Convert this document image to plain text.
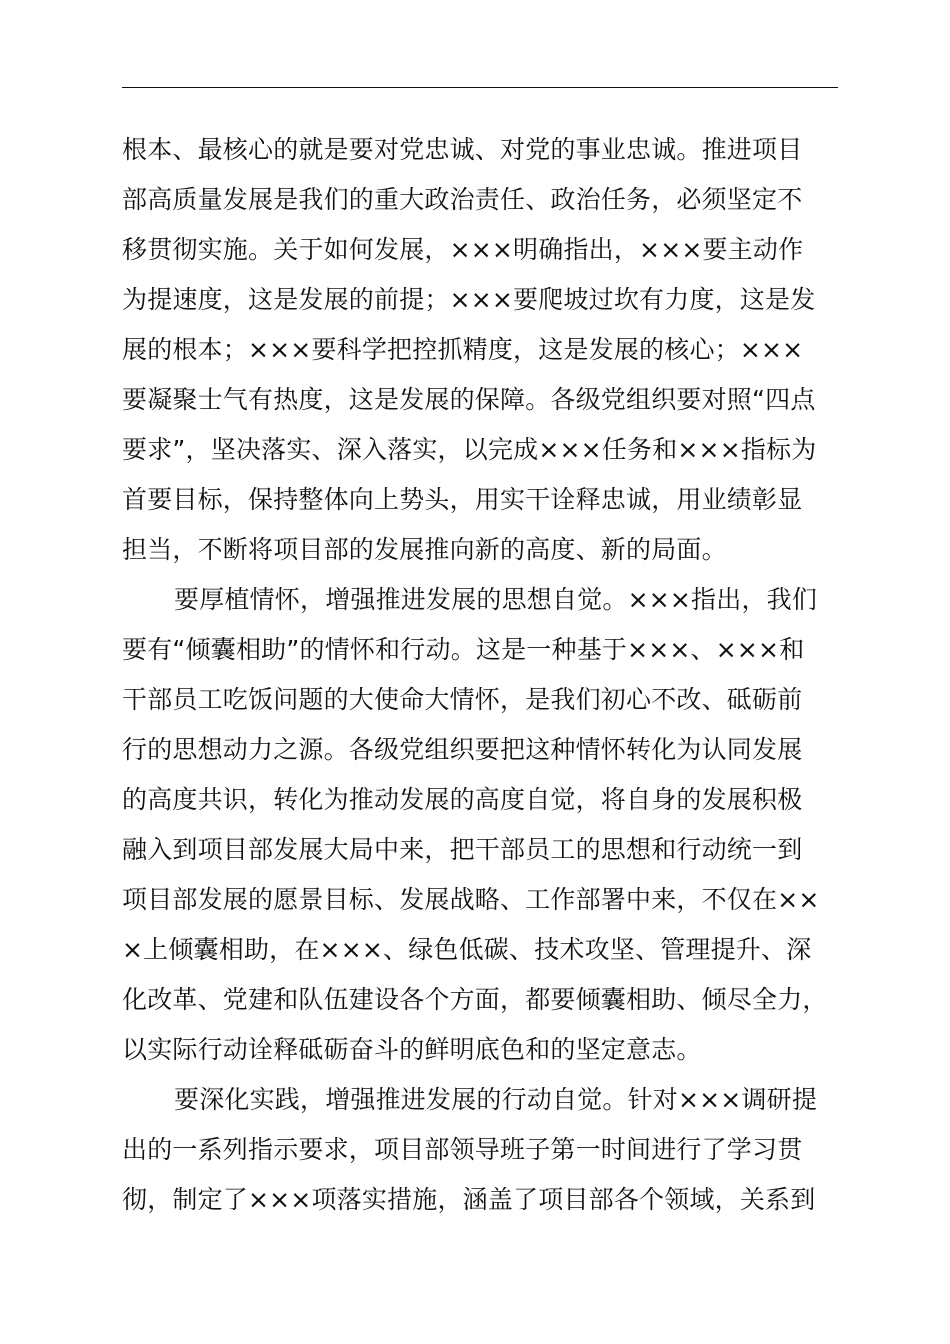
根本、最核心的就是要对党忠诚、对党的事业忠诚。推进项目
部高质量发展是我们的重大政治责任、政治任务，必须坚定不
移贯彻实施。关于如何发展，×××明确指出，×××要主动作
为提速度，这是发展的前提；×××要爬坡过坎有力度，这是发
展的根本；×××要科学把控抓精度，这是发展的核心；×××
要凝聚士气有热度，这是发展的保障。各级党组织要对照“四点
要求”，坚决落实、深入落实，以完成×××任务和×××指标为
首要目标，保持整体向上势头，用实干诠释忠诚，用业绩彰显
担当，不断将项目部的发展推向新的高度、新的局面。
要厚植情怀，增强推进发展的思想自觉。×××指出，我们
要有“倾囊相助”的情怀和行动。这是一种基于×××、×××和
干部员工吃饭问题的大使命大情怀，是我们初心不改、砥砺前
行的思想动力之源。各级党组织要把这种情怀转化为认同发展
的高度共识，转化为推动发展的高度自觉，将自身的发展积极
融入到项目部发展大局中来，把干部员工的思想和行动统一到
项目部发展的愿景目标、发展战略、工作部署中来，不仅在××
×上倾囊相助，在×××、绿色低碳、技术攻坚、管理提升、深
化改革、党建和队伍建设各个方面，都要倾囊相助、倾尽全力，
以实际行动诠释砥砺奋斗的鲜明底色和的坚定意志。
要深化实践，增强推进发展的行动自觉。针对×××调研提
出的一系列指示要求，项目部领导班子第一时间进行了学习贯
彻，制定了×××项落实措施，涵盖了项目部各个领域，关系到
